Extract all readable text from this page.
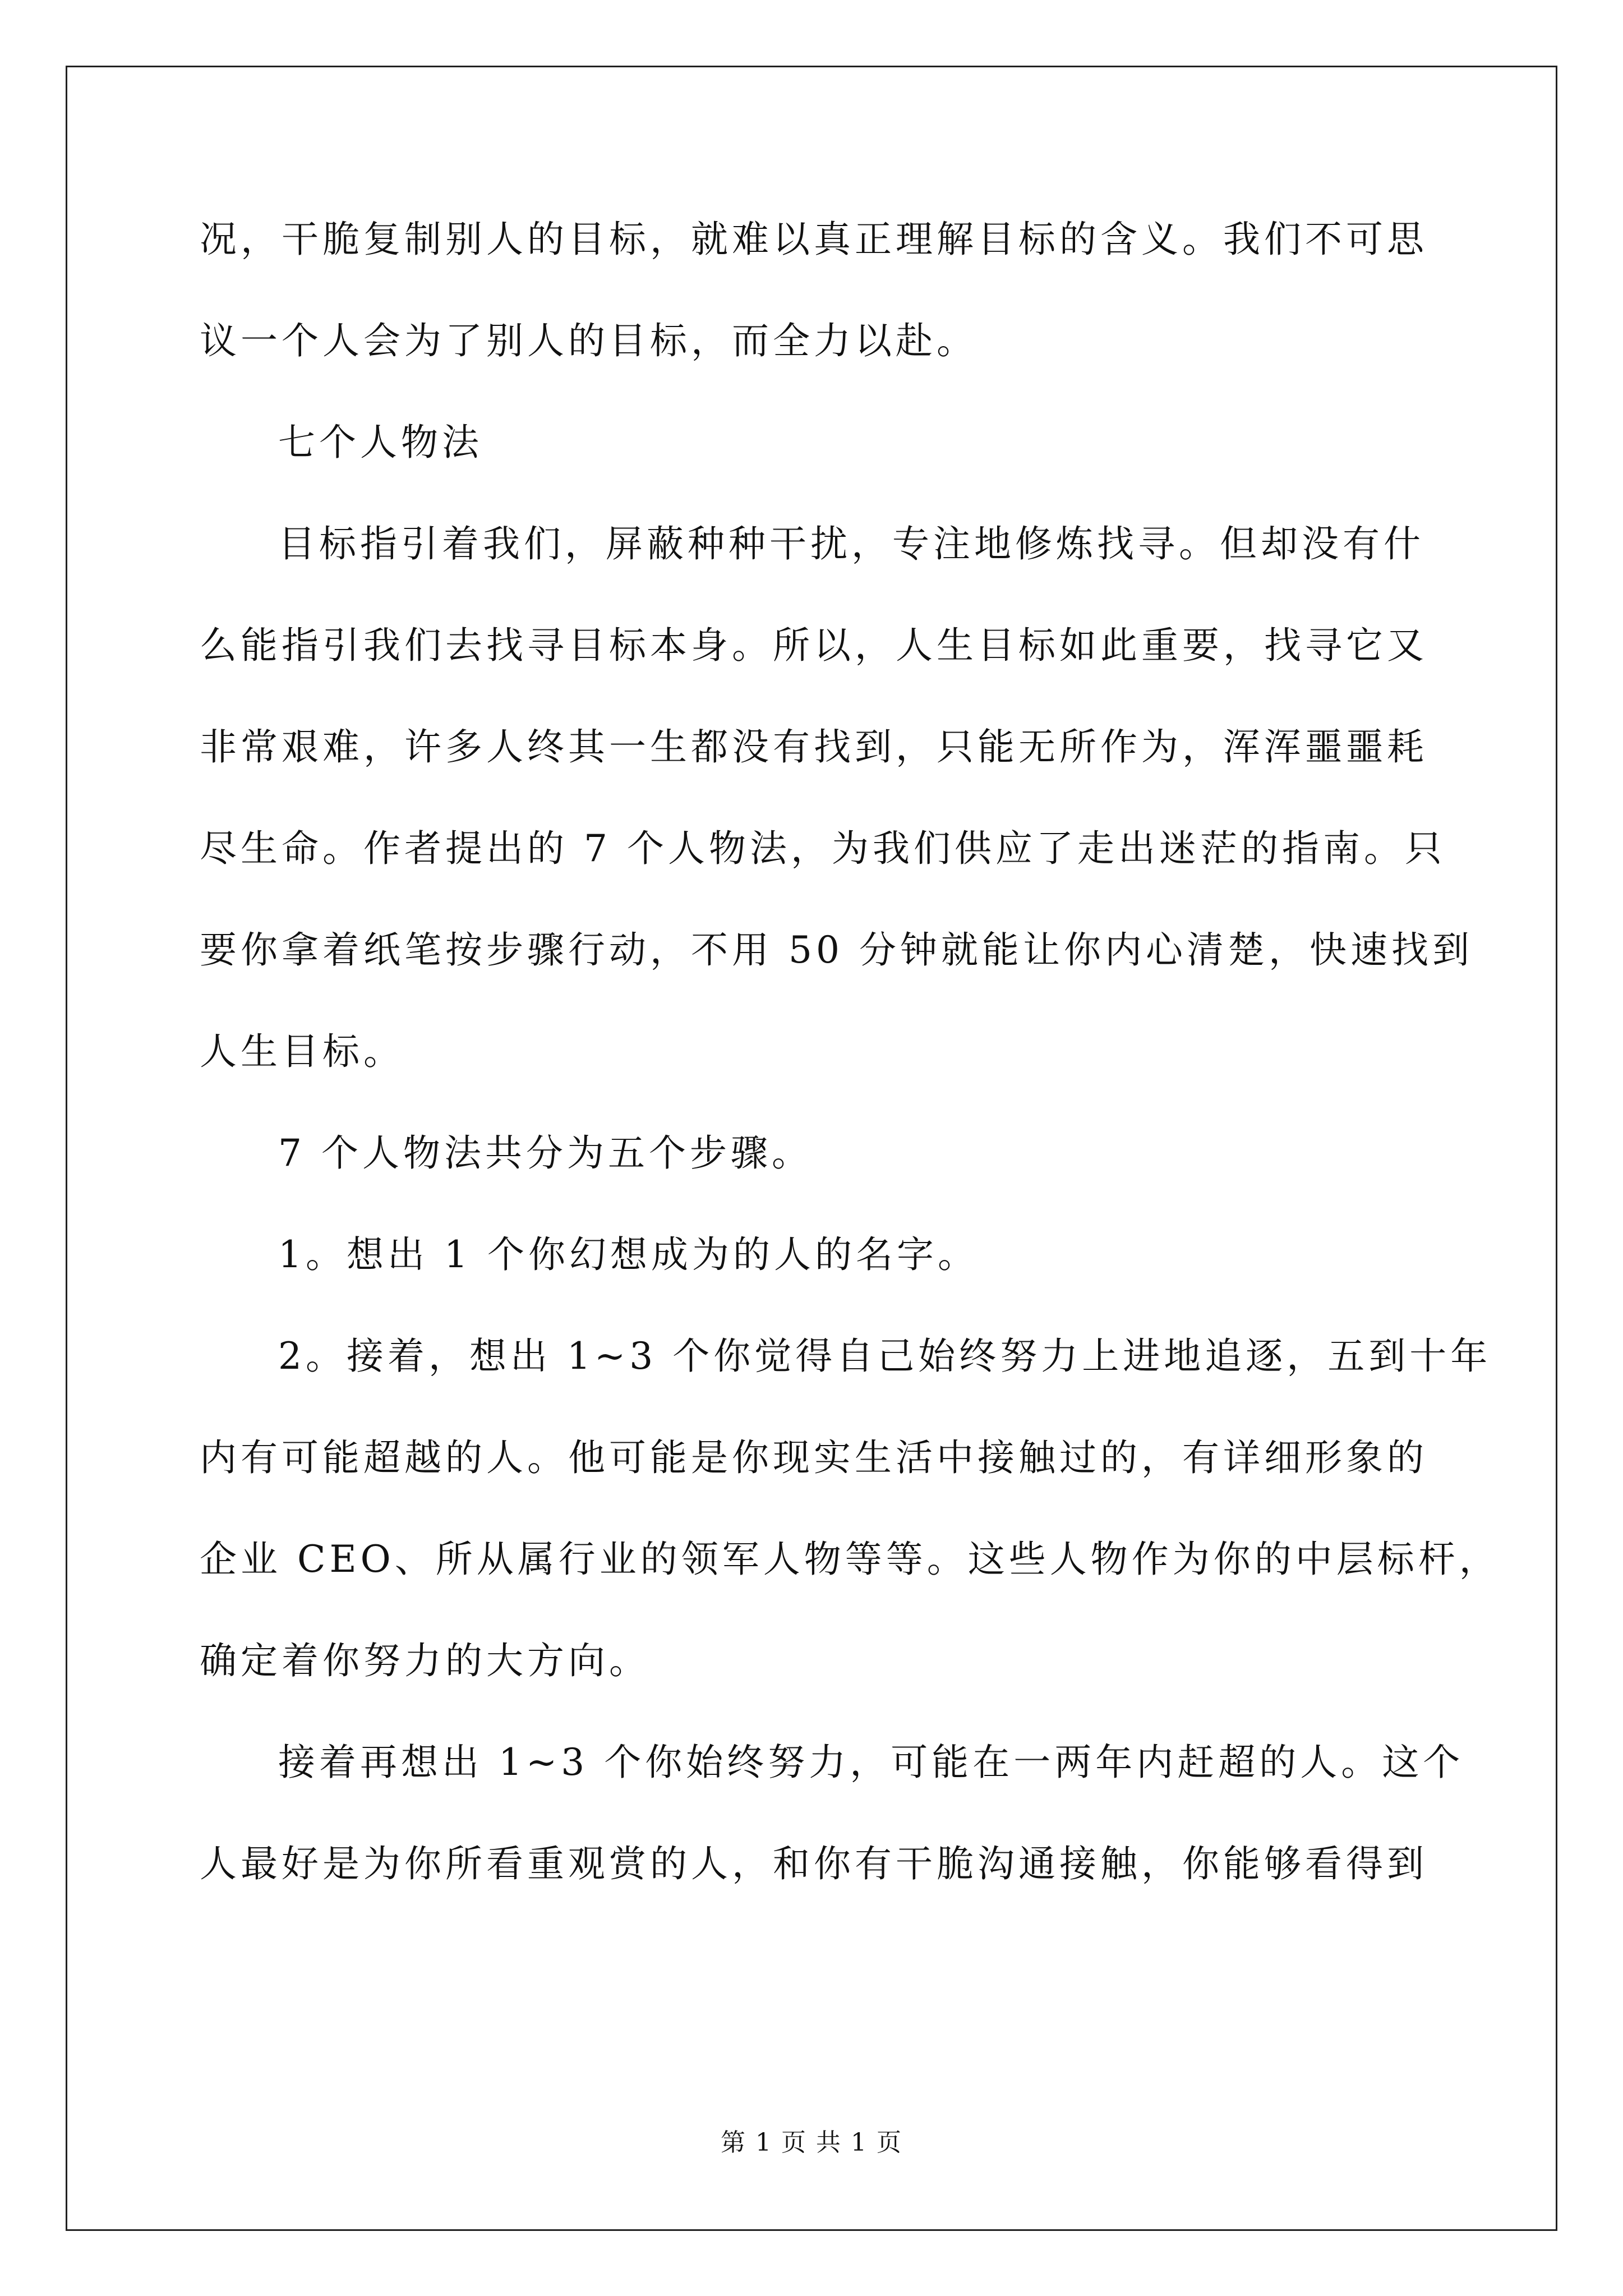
况，干脆复制别人的目标，就难以真正理解目标的含义。我们不可思
议一个人会为了别人的目标，而全力以赴。
七个人物法
目标指引着我们，屏蔽种种干扰，专注地修炼找寻。但却没有什
么能指引我们去找寻目标本身。所以，人生目标如此重要，找寻它又
非常艰难，许多人终其一生都没有找到，只能无所作为，浑浑噩噩耗
尽生命。作者提出的 7 个人物法，为我们供应了走出迷茫的指南。只
要你拿着纸笔按步骤行动，不用 50 分钟就能让你内心清楚，快速找到
人生目标。
7 个人物法共分为五个步骤。
1。想出 1 个你幻想成为的人的名字。
2。接着，想出 1~3 个你觉得自己始终努力上进地追逐，五到十年
内有可能超越的人。他可能是你现实生活中接触过的，有详细形象的
企业 CEO、所从属行业的领军人物等等。这些人物作为你的中层标杆，
确定着你努力的大方向。
接着再想出 1~3 个你始终努力，可能在一两年内赶超的人。这个
人最好是为你所看重观赏的人，和你有干脆沟通接触，你能够看得到
第 1 页 共 1 页
